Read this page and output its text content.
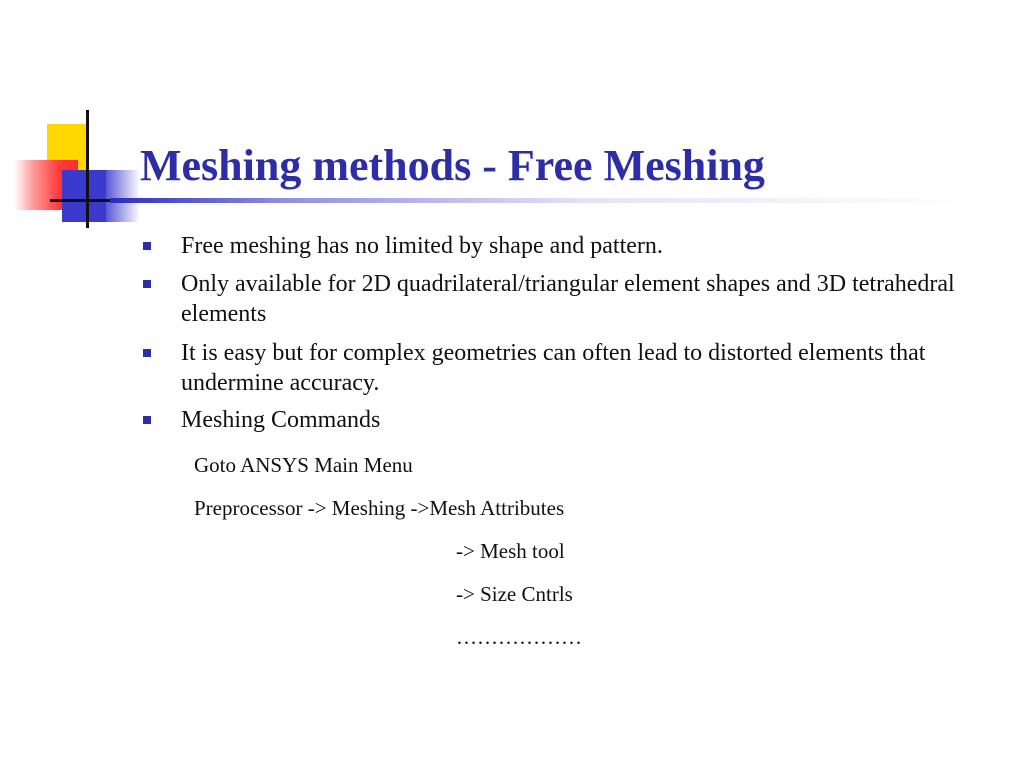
Meshing methods - Free Meshing
Free meshing has no limited by shape and pattern.
Only available for 2D quadrilateral/triangular element shapes and 3D tetrahedral elements
It is easy but for complex geometries can often lead to distorted elements that undermine accuracy.
Meshing Commands
Goto ANSYS Main Menu
Preprocessor -> Meshing ->Mesh Attributes
-> Mesh tool
-> Size Cntrls
………………
